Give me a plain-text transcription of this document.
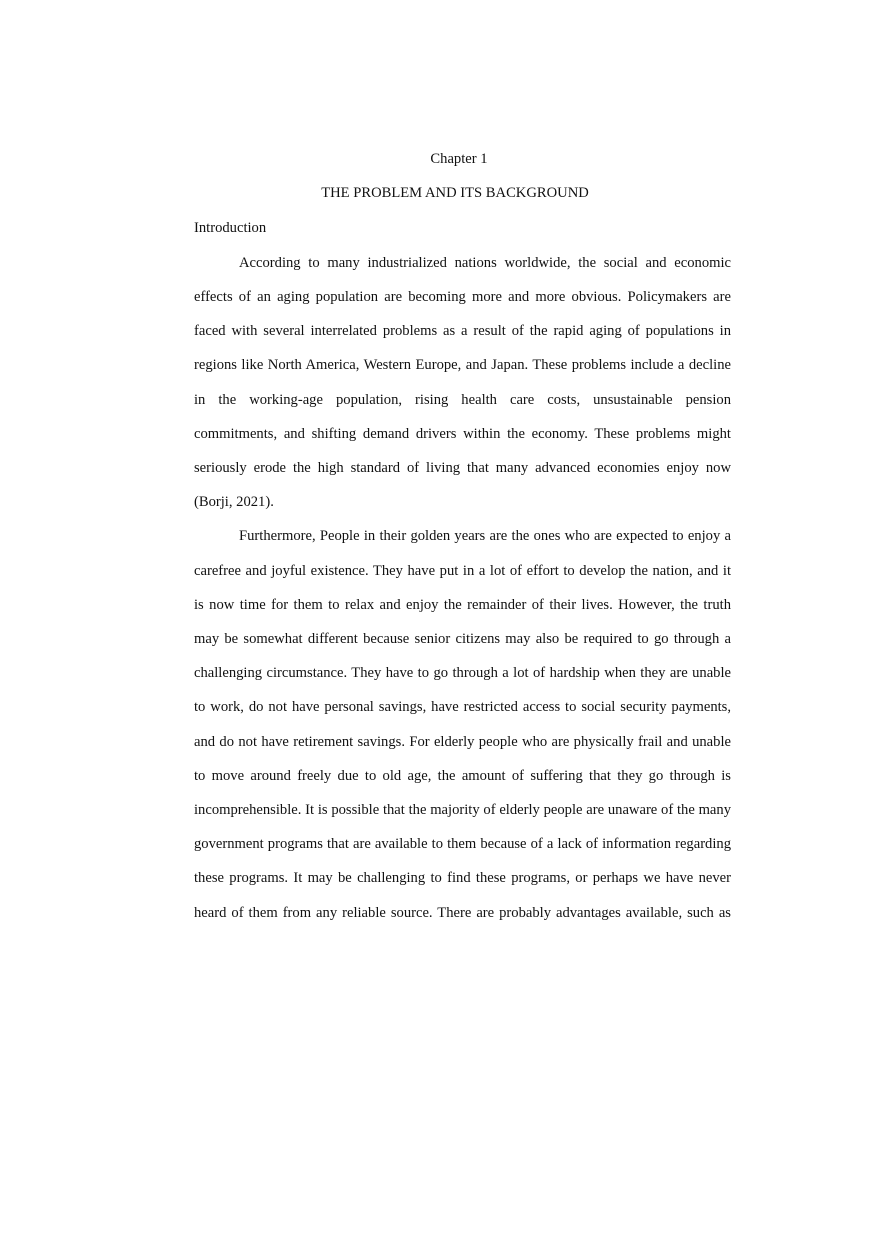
Chapter 1
THE PROBLEM AND ITS BACKGROUND
Introduction
According to many industrialized nations worldwide, the social and economic
effects of an aging population are becoming more and more obvious. Policymakers are
faced with several interrelated problems as a result of the rapid aging of populations in
regions like North America, Western Europe, and Japan. These problems include a decline
in the working-age population, rising health care costs, unsustainable pension
commitments, and shifting demand drivers within the economy. These problems might
seriously erode the high standard of living that many advanced economies enjoy now
(Borji, 2021).
Furthermore, People in their golden years are the ones who are expected to enjoy a
carefree and joyful existence. They have put in a lot of effort to develop the nation, and it
is now time for them to relax and enjoy the remainder of their lives. However, the truth
may be somewhat different because senior citizens may also be required to go through a
challenging circumstance. They have to go through a lot of hardship when they are unable
to work, do not have personal savings, have restricted access to social security payments,
and do not have retirement savings. For elderly people who are physically frail and unable
to move around freely due to old age, the amount of suffering that they go through is
incomprehensible. It is possible that the majority of elderly people are unaware of the many
government programs that are available to them because of a lack of information regarding
these programs. It may be challenging to find these programs, or perhaps we have never
heard of them from any reliable source. There are probably advantages available, such as
